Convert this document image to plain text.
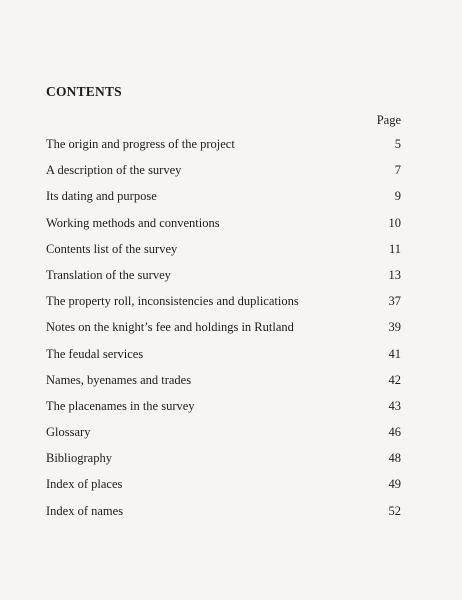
CONTENTS
Page
The origin and progress of the project	5
A description of the survey	7
Its dating and purpose	9
Working methods and conventions	10
Contents list of the survey	11
Translation of the survey	13
The property roll, inconsistencies and duplications	37
Notes on the knight’s fee and holdings in Rutland	39
The feudal services	41
Names, byenames and trades	42
The placenames in the survey	43
Glossary	46
Bibliography	48
Index of places	49
Index of names	52
